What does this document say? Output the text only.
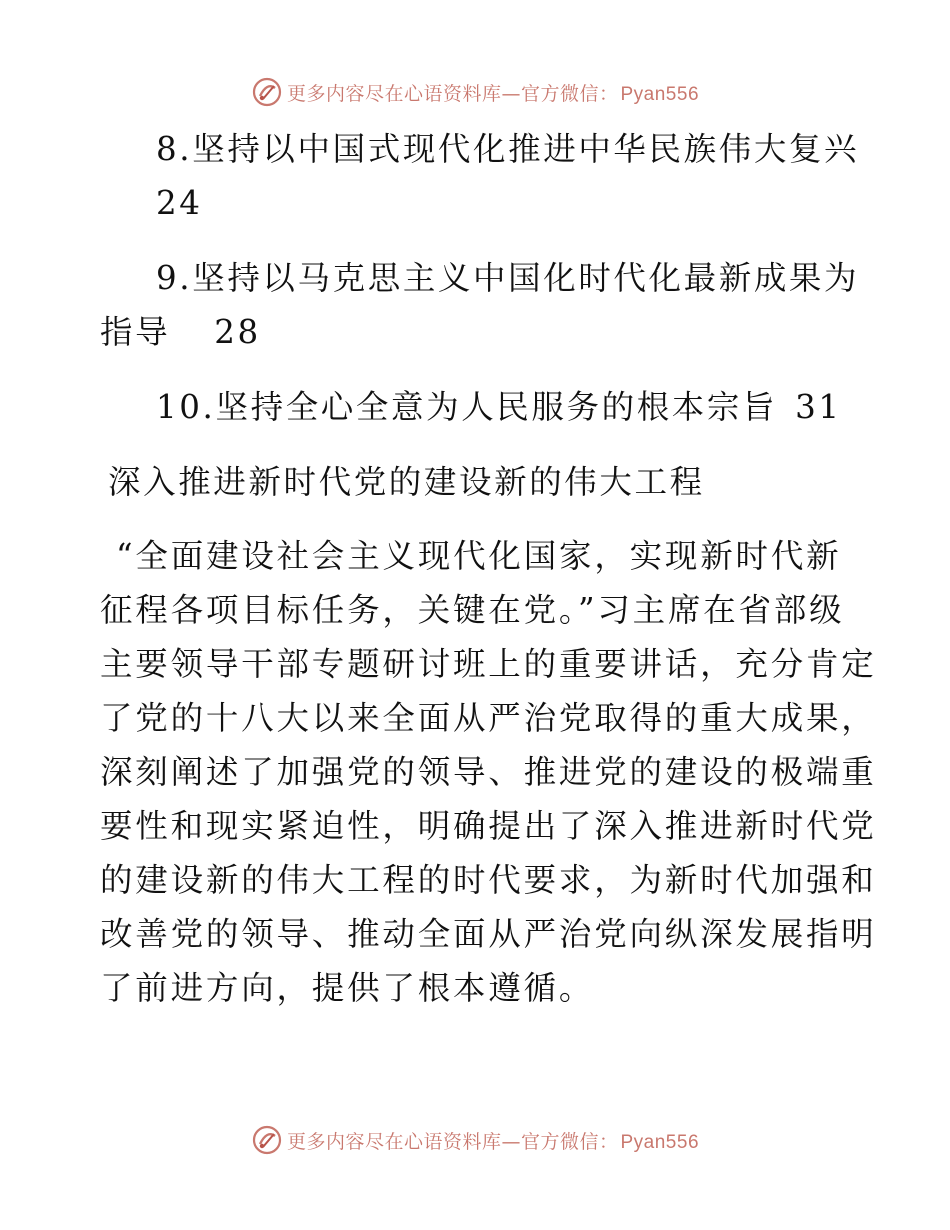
更多内容尽在心语资料库—官方微信： Pyan556

8.坚持以中国式现代化推进中华民族伟大复兴

24

9.坚持以马克思主义中国化时代化最新成果为

指导 28

10.坚持全心全意为人民服务的根本宗旨 31

深入推进新时代党的建设新的伟大工程

“全面建设社会主义现代化国家，实现新时代新

征程各项目标任务，关键在党。”习主席在省部级

主要领导干部专题研讨班上的重要讲话，充分肯定

了党的十八大以来全面从严治党取得的重大成果，

深刻阐述了加强党的领导、推进党的建设的极端重

要性和现实紧迫性，明确提出了深入推进新时代党

的建设新的伟大工程的时代要求，为新时代加强和

改善党的领导、推动全面从严治党向纵深发展指明

了前进方向，提供了根本遵循。

更多内容尽在心语资料库—官方微信： Pyan556
